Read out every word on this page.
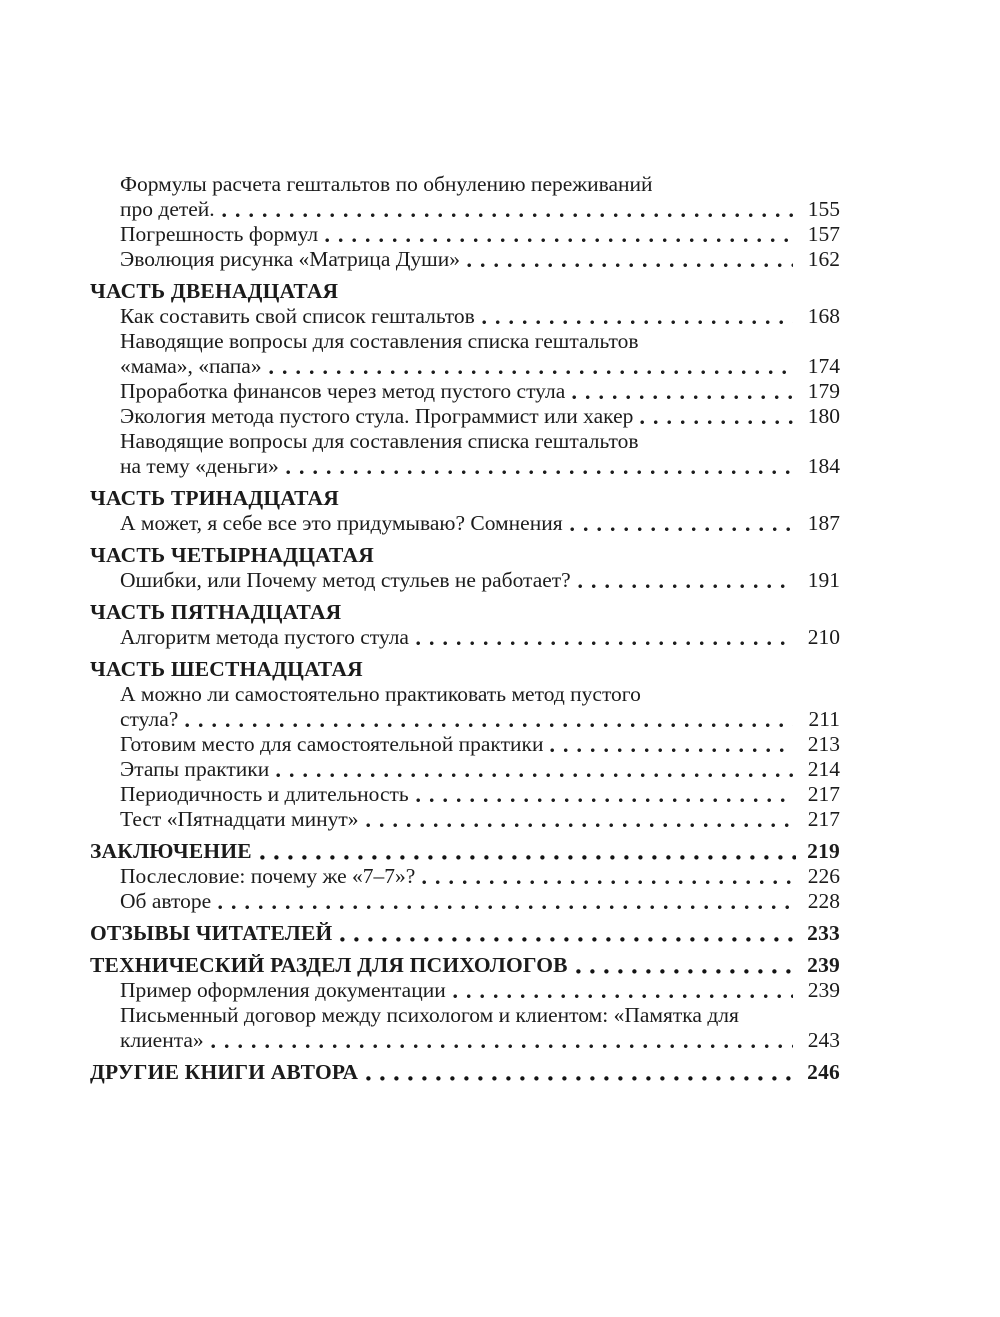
Формулы расчета гештальтов по обнулению переживаний
про детей.	155
Погрешность формул	157
Эволюция рисунка «Матрица Души»	162
ЧАСТЬ ДВЕНАДЦАТАЯ
Как составить свой список гештальтов	168
Наводящие вопросы для составления списка гештальтов
«мама», «папа»	174
Проработка финансов через метод пустого стула	179
Экология метода пустого стула. Программист или хакер	180
Наводящие вопросы для составления списка гештальтов
на тему «деньги»	184
ЧАСТЬ ТРИНАДЦАТАЯ
А может, я себе все это придумываю? Сомнения	187
ЧАСТЬ ЧЕТЫРНАДЦАТАЯ
Ошибки, или Почему метод стульев не работает?	191
ЧАСТЬ ПЯТНАДЦАТАЯ
Алгоритм метода пустого стула	210
ЧАСТЬ ШЕСТНАДЦАТАЯ
А можно ли самостоятельно практиковать метод пустого
стула?	211
Готовим место для самостоятельной практики	213
Этапы практики	214
Периодичность и длительность	217
Тест «Пятнадцати минут»	217
ЗАКЛЮЧЕНИЕ	219
Послесловие: почему же «7–7»?	226
Об авторе	228
ОТЗЫВЫ ЧИТАТЕЛЕЙ	233
ТЕХНИЧЕСКИЙ РАЗДЕЛ ДЛЯ ПСИХОЛОГОВ	239
Пример оформления документации	239
Письменный договор между психологом и клиентом: «Памятка для
клиента»	243
ДРУГИЕ КНИГИ АВТОРА	246
